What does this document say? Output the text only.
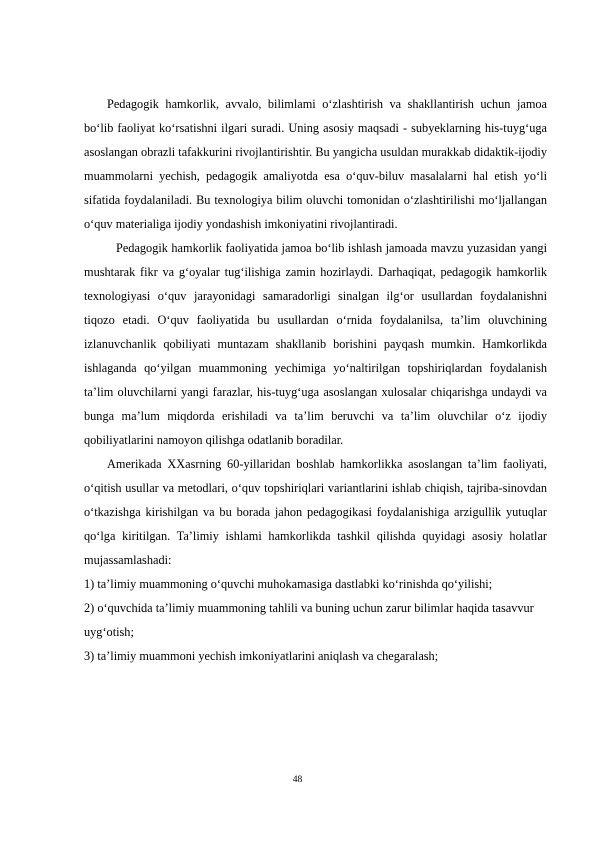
Pedagogik hamkorlik, avvalo, bilimlami o‘zlashtirish va shakllantirish uchun jamoa bo‘lib faoliyat ko‘rsatishni ilgari suradi. Uning asosiy maqsadi - subyeklarning his-tuyg‘uga asoslangan obrazli tafakkurini rivojlantirishtir. Bu yangicha usuldan murakkab didaktik-ijodiy muammolarni yechish, pedagogik amaliyotda esa o‘quv-biluv masalalarni hal etish yo‘li sifatida foydalaniladi. Bu texnologiya bilim oluvchi tomonidan o‘zlashtirilishi mo‘ljallangan o‘quv materialiga ijodiy yondashish imkoniyatini rivojlantiradi.

Pedagogik hamkorlik faoliyatida jamoa bo‘lib ishlash jamoada mavzu yuzasidan yangi mushtarak fikr va g‘oyalar tug‘ilishiga zamin hozirlaydi. Darhaqiqat, pedagogik hamkorlik texnologiyasi o‘quv jarayonidagi samaradorligi sinalgan ilg‘or usullardan foydalanishni tiqozo etadi. O‘quv faoliyatida bu usullardan o‘rnida foydalanilsa, ta’lim oluvchining izlanuvchanlik qobiliyati muntazam shakllanib borishini payqash mumkin. Hamkorlikda ishlaganda qo‘yilgan muammoning yechimiga yo‘naltirilgan topshiriqlardan foydalanish ta’lim oluvchilarni yangi farazlar, his-tuyg‘uga asoslangan xulosalar chiqarishga undaydi va bunga ma’lum miqdorda erishiladi va ta’lim beruvchi va ta’lim oluvchilar o‘z ijodiy qobiliyatlarini namoyon qilishga odatlanib boradilar.

Amerikada XXasrning 60-yillaridan boshlab hamkorlikka asoslangan ta’lim faoliyati, o‘qitish usullar va metodlari, o‘quv topshiriqlari variantlarini ishlab chiqish, tajriba-sinovdan o‘tkazishga kirishilgan va bu borada jahon pedagogikasi foydalanishiga arzigullik yutuqlar qo‘lga kiritilgan. Ta’limiy ishlami hamkorlikda tashkil qilishda quyidagi asosiy holatlar mujassamlashadi:

1) ta’limiy muammoning o‘quvchi muhokamasiga dastlabki ko‘rinishda qo‘yilishi;

2) o‘quvchida ta’limiy muammoning tahlili va buning uchun zarur bilimlar haqida tasavvur uyg‘otish;

3) ta’limiy muammoni yechish imkoniyatlarini aniqlash va chegaralash;

48
